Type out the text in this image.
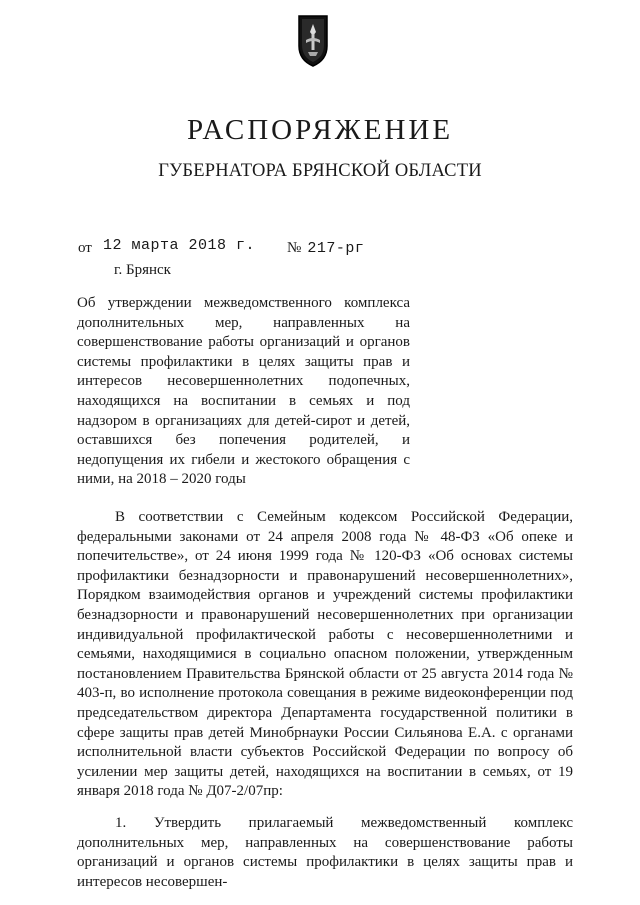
РАСПОРЯЖЕНИЕ
ГУБЕРНАТОРА БРЯНСКОЙ ОБЛАСТИ
от 12 марта 2018 г. № 217-рг
г. Брянск
Об утверждении межведомственного комплекса дополнительных мер, направленных на совершенствование работы организаций и органов системы профилактики в целях защиты прав и интересов несовершеннолетних подопечных, находящихся на воспитании в семьях и под надзором в организациях для детей-сирот и детей, оставшихся без попечения родителей, и недопущения их гибели и жестокого обращения с ними, на 2018 – 2020 годы

В соответствии с Семейным кодексом Российской Федерации, федеральными законами от 24 апреля 2008 года № 48-ФЗ «Об опеке и попечительстве», от 24 июня 1999 года № 120-ФЗ «Об основах системы профилактики безнадзорности и правонарушений несовершеннолетних», Порядком взаимодействия органов и учреждений системы профилактики безнадзорности и правонарушений несовершеннолетних при организации индивидуальной профилактической работы с несовершеннолетними и семьями, находящимися в социально опасном положении, утвержденным постановлением Правительства Брянской области от 25 августа 2014 года № 403-п, во исполнение протокола совещания в режиме видеоконференции под председательством директора Департамента государственной политики в сфере защиты прав детей Минобрнауки России Сильянова Е.А. с органами исполнительной власти субъектов Российской Федерации по вопросу об усилении мер защиты детей, находящихся на воспитании в семьях, от 19 января 2018 года № Д07-2/07пр:

1. Утвердить прилагаемый межведомственный комплекс дополнительных мер, направленных на совершенствование работы организаций и органов системы профилактики в целях защиты прав и интересов несовершен-
